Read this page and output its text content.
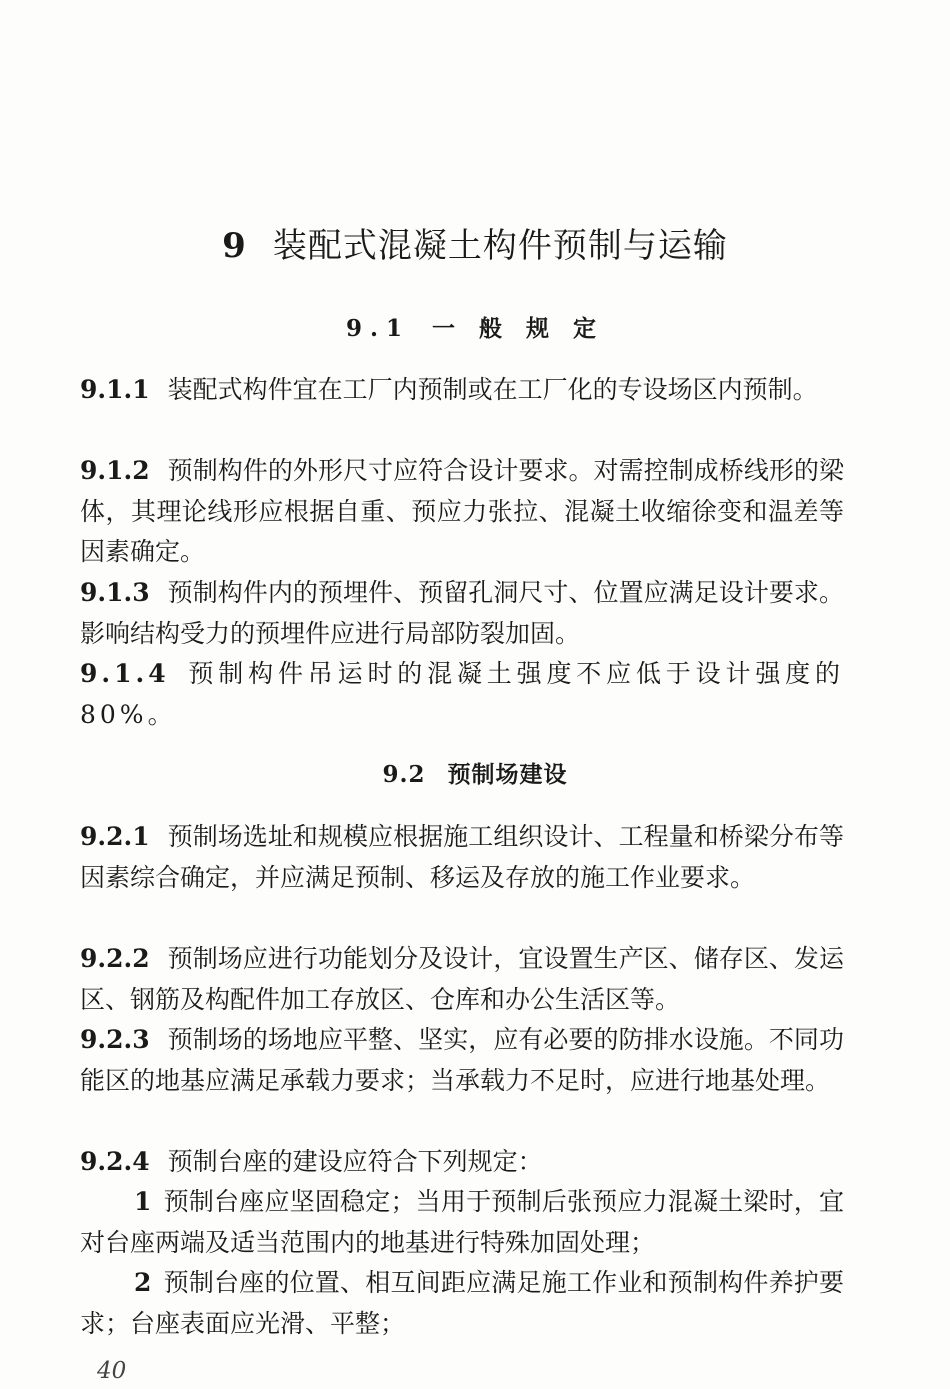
9 装配式混凝土构件预制与运输
9.1 一 般 规 定
9.1.1 装配式构件宜在工厂内预制或在工厂化的专设场区内预制。
9.1.2 预制构件的外形尺寸应符合设计要求。对需控制成桥线形的梁体，其理论线形应根据自重、预应力张拉、混凝土收缩徐变和温差等因素确定。
9.1.3 预制构件内的预埋件、预留孔洞尺寸、位置应满足设计要求。影响结构受力的预埋件应进行局部防裂加固。
9.1.4 预制构件吊运时的混凝土强度不应低于设计强度的 80%。
9.2 预制场建设
9.2.1 预制场选址和规模应根据施工组织设计、工程量和桥梁分布等因素综合确定，并应满足预制、移运及存放的施工作业要求。
9.2.2 预制场应进行功能划分及设计，宜设置生产区、储存区、发运区、钢筋及构配件加工存放区、仓库和办公生活区等。
9.2.3 预制场的场地应平整、坚实，应有必要的防排水设施。不同功能区的地基应满足承载力要求；当承载力不足时，应进行地基处理。
9.2.4 预制台座的建设应符合下列规定：
1 预制台座应坚固稳定；当用于预制后张预应力混凝土梁时，宜对台座两端及适当范围内的地基进行特殊加固处理；
2 预制台座的位置、相互间距应满足施工作业和预制构件养护要求；台座表面应光滑、平整；
40
